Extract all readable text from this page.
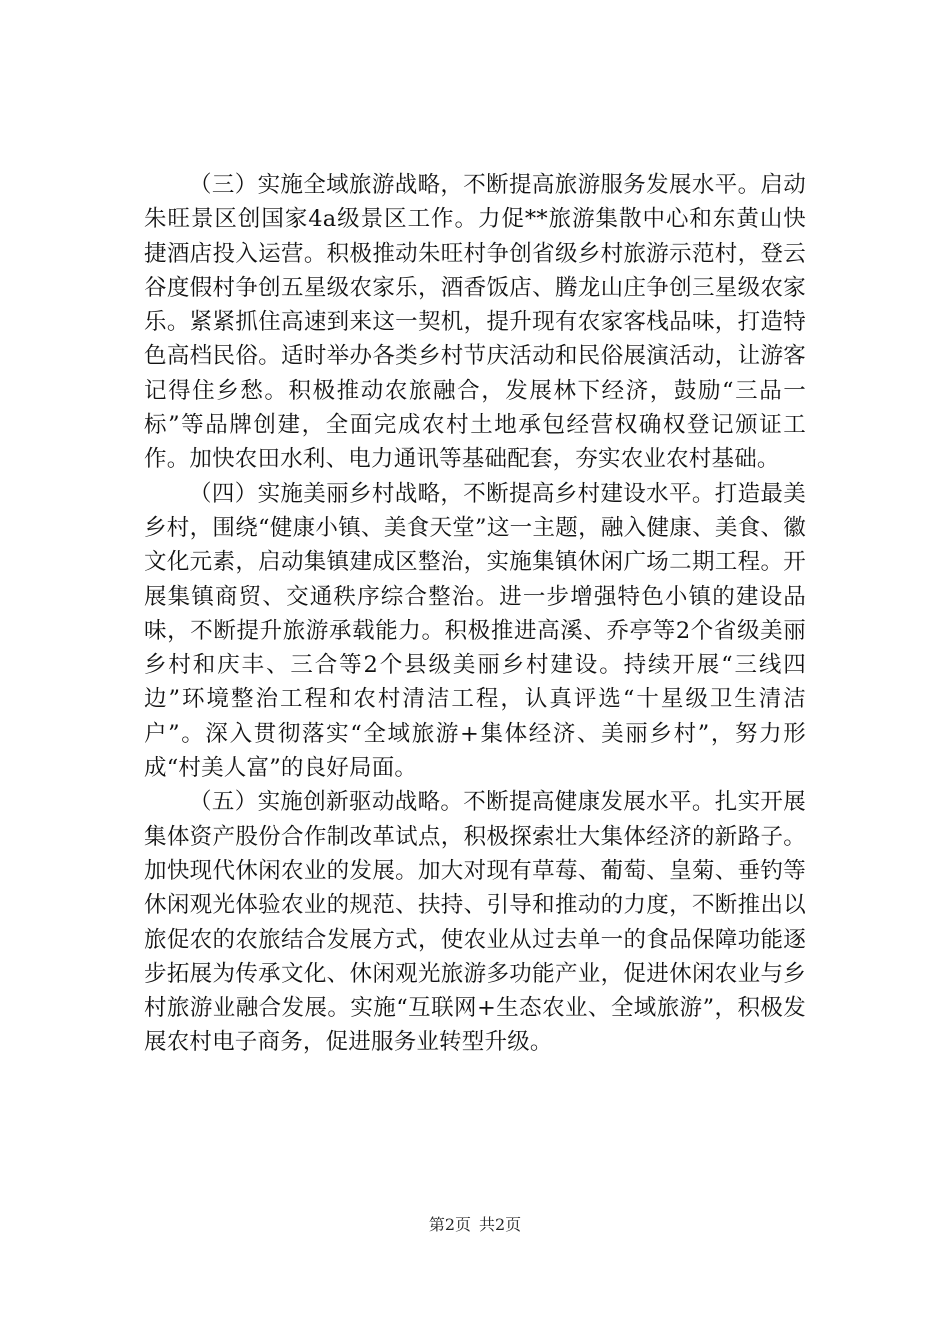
（三）实施全域旅游战略，不断提高旅游服务发展水平。启动朱旺景区创国家4a级景区工作。力促**旅游集散中心和东黄山快捷酒店投入运营。积极推动朱旺村争创省级乡村旅游示范村，登云谷度假村争创五星级农家乐，酒香饭店、腾龙山庄争创三星级农家乐。紧紧抓住高速到来这一契机，提升现有农家客栈品味，打造特色高档民俗。适时举办各类乡村节庆活动和民俗展演活动，让游客记得住乡愁。积极推动农旅融合，发展林下经济，鼓励“三品一标”等品牌创建，全面完成农村土地承包经营权确权登记颁证工作。加快农田水利、电力通讯等基础配套，夯实农业农村基础。

（四）实施美丽乡村战略，不断提高乡村建设水平。打造最美乡村，围绕“健康小镇、美食天堂”这一主题，融入健康、美食、徽文化元素，启动集镇建成区整治，实施集镇休闲广场二期工程。开展集镇商贸、交通秩序综合整治。进一步增强特色小镇的建设品味，不断提升旅游承载能力。积极推进高溪、乔亭等2个省级美丽乡村和庆丰、三合等2个县级美丽乡村建设。持续开展“三线四边”环境整治工程和农村清洁工程，认真评选“十星级卫生清洁户”。深入贯彻落实“全域旅游+集体经济、美丽乡村”，努力形成“村美人富”的良好局面。

（五）实施创新驱动战略。不断提高健康发展水平。扎实开展集体资产股份合作制改革试点，积极探索壮大集体经济的新路子。加快现代休闲农业的发展。加大对现有草莓、葡萄、皇菊、垂钓等休闲观光体验农业的规范、扶持、引导和推动的力度，不断推出以旅促农的农旅结合发展方式，使农业从过去单一的食品保障功能逐步拓展为传承文化、休闲观光旅游多功能产业，促进休闲农业与乡村旅游业融合发展。实施“互联网+生态农业、全域旅游”，积极发展农村电子商务，促进服务业转型升级。

第2页 共2页
